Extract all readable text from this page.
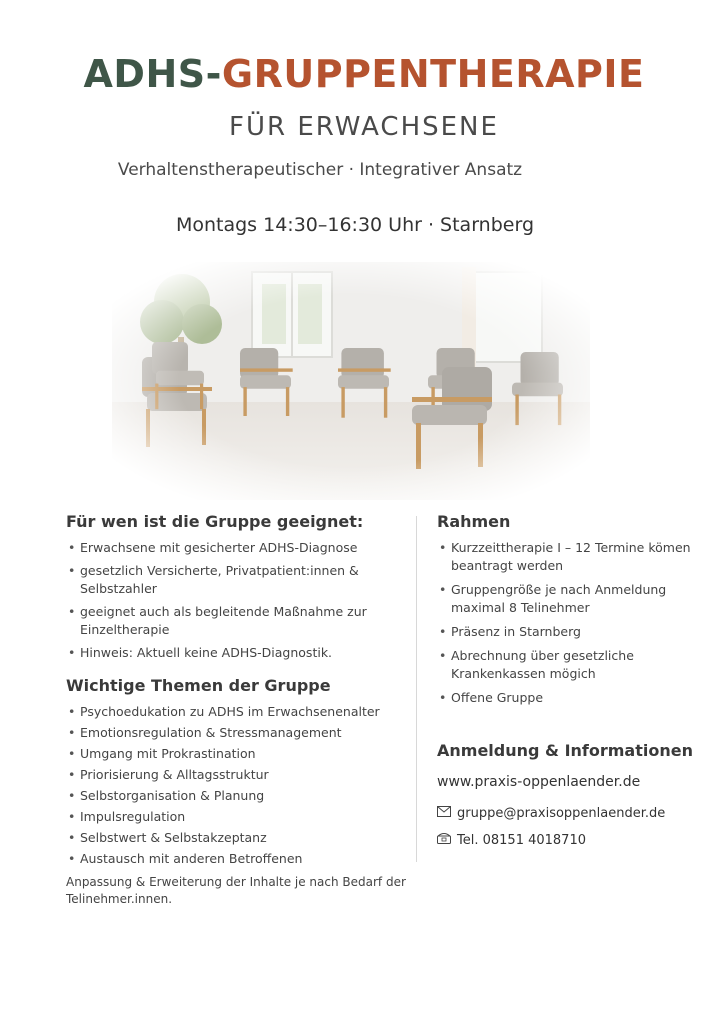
ADHS-GRUPPENTHERAPIE
FÜR ERWACHSENE
Verhaltenstherapeutischer · Integrativer Ansatz
Montags 14:30–16:30 Uhr · Starnberg
Für wen ist die Gruppe geeignet:
• Erwachsene mit gesicherter ADHS-Diagnose
• gesetzlich Versicherte, Privatpatient:innen & Selbstzahler
• geeignet auch als begleitende Maßnahme zur Einzeltherapie
• Hinweis: Aktuell keine ADHS-Diagnostik.
Wichtige Themen der Gruppe
• Psychoedukation zu ADHS im Erwachsenenalter
• Emotionsregulation & Stressmanagement
• Umgang mit Prokrastination
• Priorisierung & Alltagsstruktur
• Selbstorganisation & Planung
• Impulsregulation
• Selbstwert & Selbstakzeptanz
• Austausch mit anderen Betroffenen

Anpassung & Erweiterung der Inhalte je nach Bedarf der Telinehmer.innen.

Rahmen
• Kurzzeittherapie I – 12 Termine kömen beantragt werden
• Gruppengröße je nach Anmeldung maximal 8 Telinehmer
• Präsenz in Starnberg
• Abrechnung über gesetzliche Krankenkassen mögich
• Offene Gruppe
Anmeldung & Informationen
www.praxis-oppenlaender.de
gruppe@praxisoppenlaender.de
Tel. 08151 4018710
